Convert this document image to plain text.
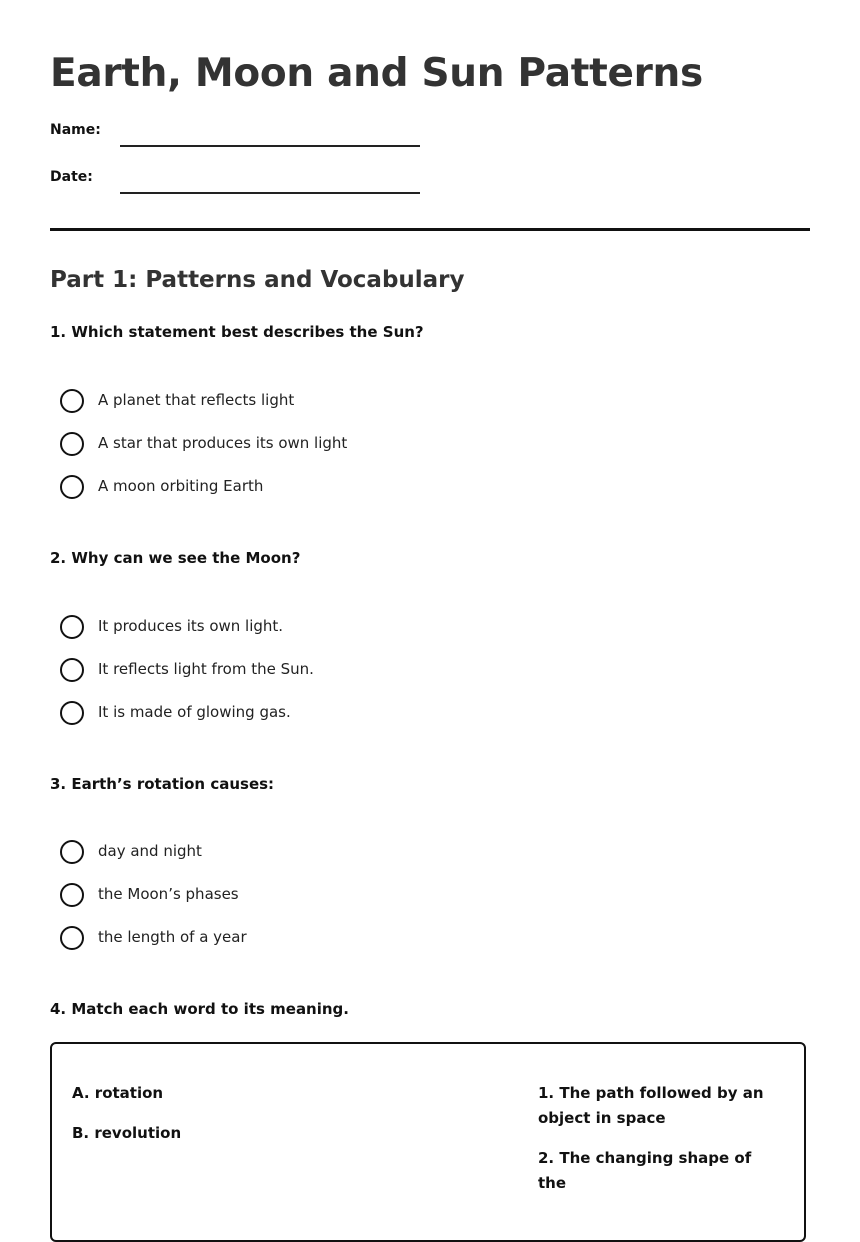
Earth, Moon and Sun Patterns
Name:
Date:
Part 1: Patterns and Vocabulary

1. Which statement best describes the Sun?

A planet that reflects light
A star that produces its own light
A moon orbiting Earth

2. Why can we see the Moon?

It produces its own light.
It reflects light from the Sun.
It is made of glowing gas.

3. Earth’s rotation causes:

day and night
the Moon’s phases
the length of a year

4. Match each word to its meaning.

A. rotation
B. revolution
1. The path followed by an object in space
2. The changing shape of the
